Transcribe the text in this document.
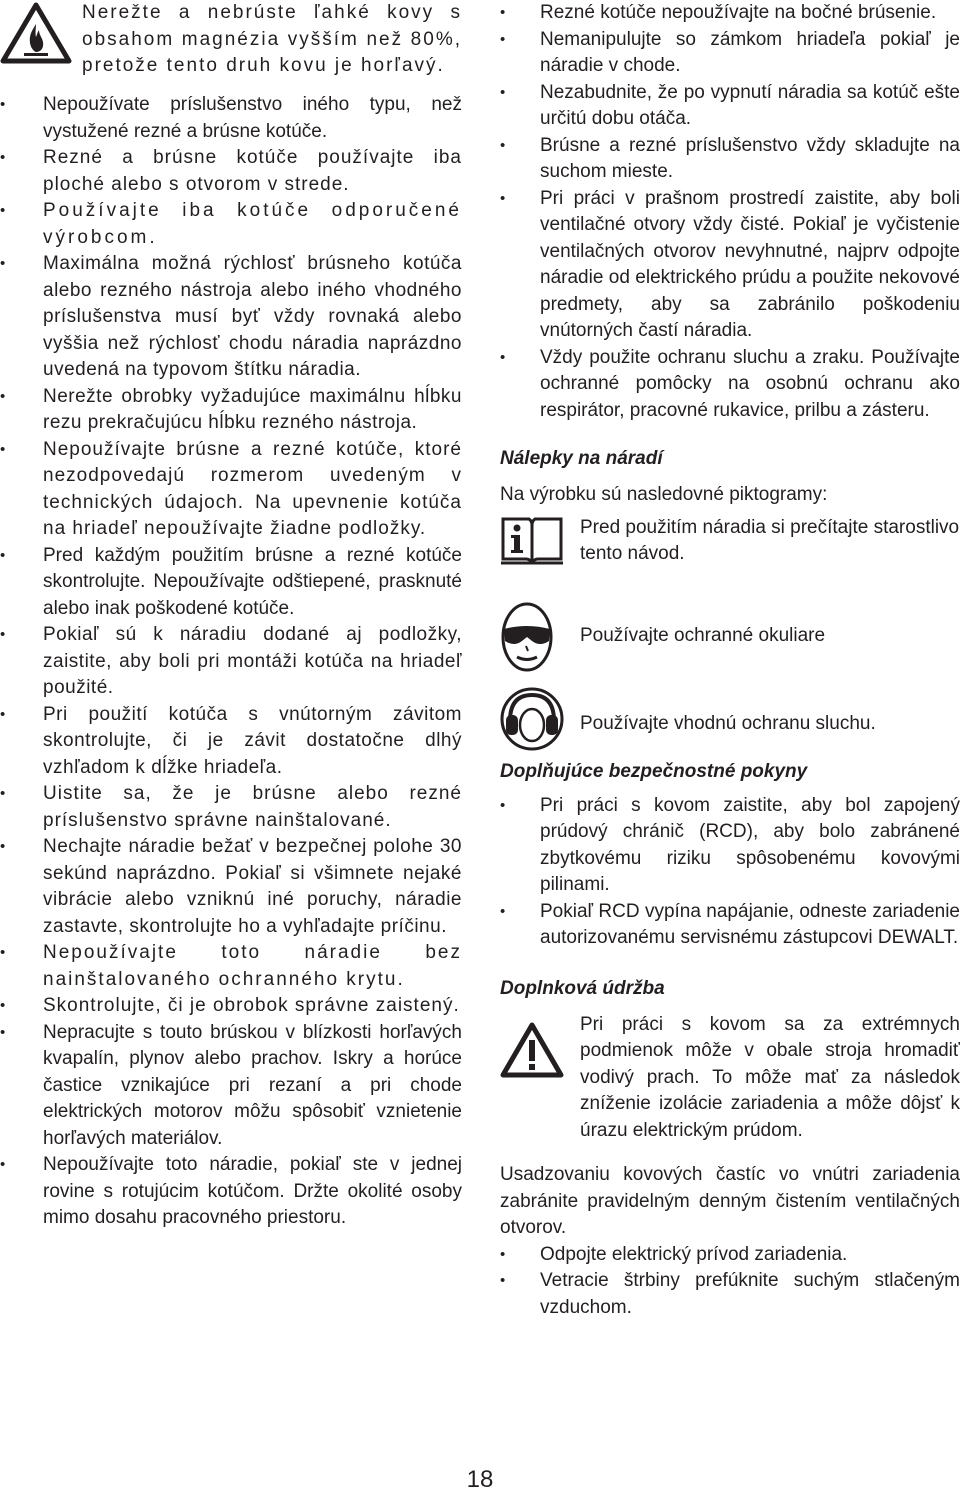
Nerežte a nebrúste ľahké kovy s obsahom magnézia vyšším než 80%, pretože tento druh kovu je horľavý.
• Nepoužívate príslušenstvo iného typu, než vystužené rezné a brúsne kotúče.
• Rezné a brúsne kotúče používajte iba ploché alebo s otvorom v strede.
• Používajte iba kotúče odporučené výrobcom.
• Maximálna možná rýchlosť brúsneho kotúča alebo rezného nástroja alebo iného vhodného príslušenstva musí byť vždy rovnaká alebo vyššia než rýchlosť chodu náradia naprázdno uvedená na typovom štítku náradia.
• Nerežte obrobky vyžadujúce maximálnu hĺbku rezu prekračujúcu hĺbku rezného nástroja.
• Nepoužívajte brúsne a rezné kotúče, ktoré nezodpovedajú rozmerom uvedeným v technických údajoch. Na upevnenie kotúča na hriadeľ nepoužívajte žiadne podložky.
• Pred každým použitím brúsne a rezné kotúče skontrolujte. Nepoužívajte odštiepené, prasknuté alebo inak poškodené kotúče.
• Pokiaľ sú k náradiu dodané aj podložky, zaistite, aby boli pri montáži kotúča na hriadeľ použité.
• Pri použití kotúča s vnútorným závitom skontrolujte, či je závit dostatočne dlhý vzhľadom k dĺžke hriadeľa.
• Uistite sa, že je brúsne alebo rezné príslušenstvo správne nainštalované.
• Nechajte náradie bežať v bezpečnej polohe 30 sekúnd naprázdno. Pokiaľ si všimnete nejaké vibrácie alebo vzniknú iné poruchy, náradie zastavte, skontrolujte ho a vyhľadajte príčinu.
• Nepoužívajte toto náradie bez nainštalovaného ochranného krytu.
• Skontrolujte, či je obrobok správne zaistený.
• Nepracujte s touto brúskou v blízkosti horľavých kvapalín, plynov alebo prachov. Iskry a horúce častice vznikajúce pri rezaní a pri chode elektrických motorov môžu spôsobiť vznietenie horľavých materiálov.
• Nepoužívajte toto náradie, pokiaľ ste v jednej rovine s rotujúcim kotúčom. Držte okolité osoby mimo dosahu pracovného priestoru.
• Rezné kotúče nepoužívajte na bočné brúsenie.
• Nemanipulujte so zámkom hriadeľa pokiaľ je náradie v chode.
• Nezabudnite, že po vypnutí náradia sa kotúč ešte určitú dobu otáča.
• Brúsne a rezné príslušenstvo vždy skladujte na suchom mieste.
• Pri práci v prašnom prostredí zaistite, aby boli ventilačné otvory vždy čisté. Pokiaľ je vyčistenie ventilačných otvorov nevyhnutné, najprv odpojte náradie od elektrického prúdu a použite nekovové predmety, aby sa zabránilo poškodeniu vnútorných častí náradia.
• Vždy použite ochranu sluchu a zraku. Používajte ochranné pomôcky na osobnú ochranu ako respirátor, pracovné rukavice, prilbu a zásteru.
Nálepky na náradí
Na výrobku sú nasledovné piktogramy:
Pred použitím náradia si prečítajte starostlivo tento návod.
Používajte ochranné okuliare
Používajte vhodnú ochranu sluchu.
Doplňujúce bezpečnostné pokyny
• Pri práci s kovom zaistite, aby bol zapojený prúdový chránič (RCD), aby bolo zabránené zbytkovému riziku spôsobenému kovovými pilinami.
• Pokiaľ RCD vypína napájanie, odneste zariadenie autorizovanému servisnému zástupcovi DEWALT.
Doplnková údržba
Pri práci s kovom sa za extrémnych podmienok môže v obale stroja hromadiť vodivý prach. To môže mať za následok zníženie izolácie zariadenia a môže dôjsť k úrazu elektrickým prúdom.
Usadzovaniu kovových častíc vo vnútri zariadenia zabránite pravidelným denným čistením ventilačných otvorov.
• Odpojte elektrický prívod zariadenia.
• Vetracie štrbiny prefúknite suchým stlačeným vzduchom.
18
